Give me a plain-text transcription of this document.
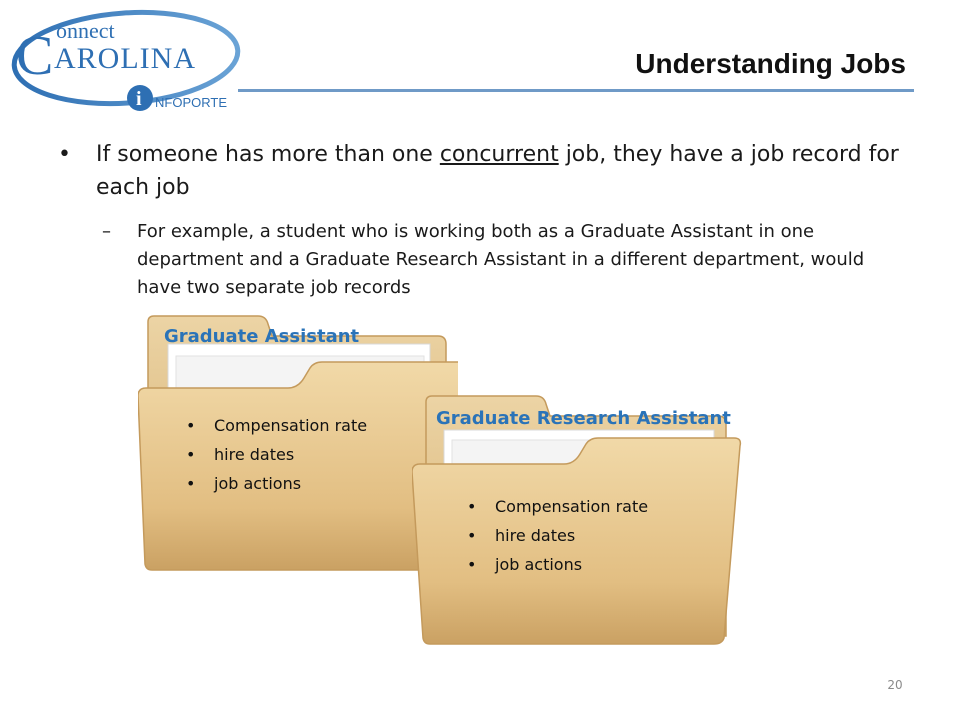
C onnect
AROLINA
i NFOPORTE
Understanding Jobs
• If someone has more than one concurrent job, they have a job record for each job
– For example, a student who is working both as a Graduate Assistant in one department and a Graduate Research Assistant in a different department, would have two separate job records
Graduate Assistant
• Compensation rate
• hire dates
• job actions
Graduate Research Assistant
• Compensation rate
• hire dates
• job actions
20
